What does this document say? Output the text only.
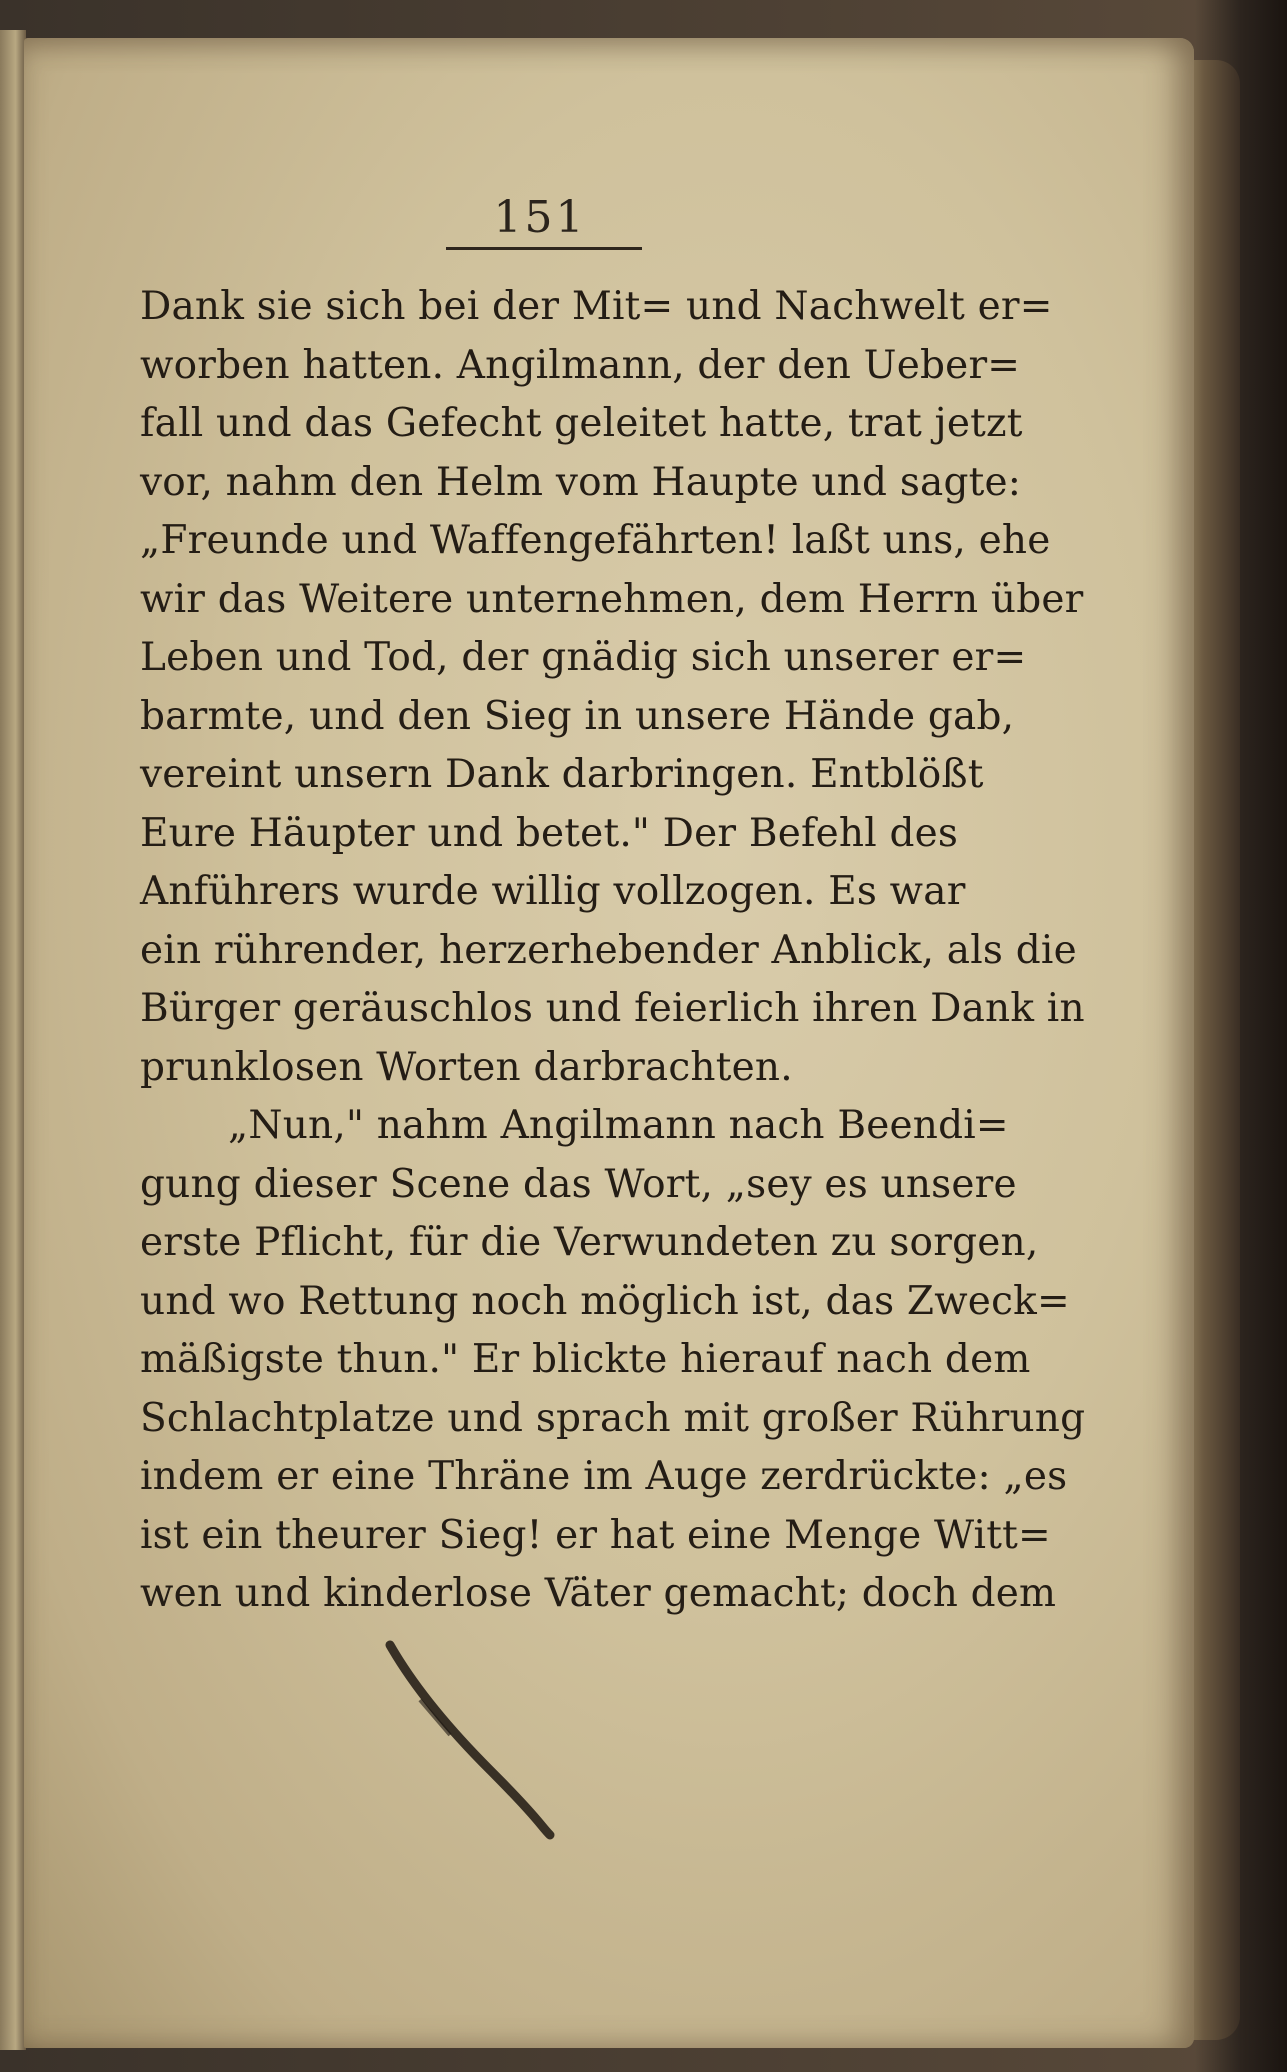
151
Dank sie sich bei der Mit= und Nachwelt er=
worben hatten. Angilmann, der den Ueber=
fall und das Gefecht geleitet hatte, trat jetzt
vor, nahm den Helm vom Haupte und sagte:
„Freunde und Waffengefährten! laßt uns, ehe
wir das Weitere unternehmen, dem Herrn über
Leben und Tod, der gnädig sich unserer er=
barmte, und den Sieg in unsere Hände gab,
vereint unsern Dank darbringen. Entblößt
Eure Häupter und betet." Der Befehl des
Anführers wurde willig vollzogen. Es war
ein rührender, herzerhebender Anblick, als die
Bürger geräuschlos und feierlich ihren Dank in
prunklosen Worten darbrachten.
„Nun," nahm Angilmann nach Beendi=
gung dieser Scene das Wort, „sey es unsere
erste Pflicht, für die Verwundeten zu sorgen,
und wo Rettung noch möglich ist, das Zweck=
mäßigste thun." Er blickte hierauf nach dem
Schlachtplatze und sprach mit großer Rührung
indem er eine Thräne im Auge zerdrückte: „es
ist ein theurer Sieg! er hat eine Menge Witt=
wen und kinderlose Väter gemacht; doch dem
